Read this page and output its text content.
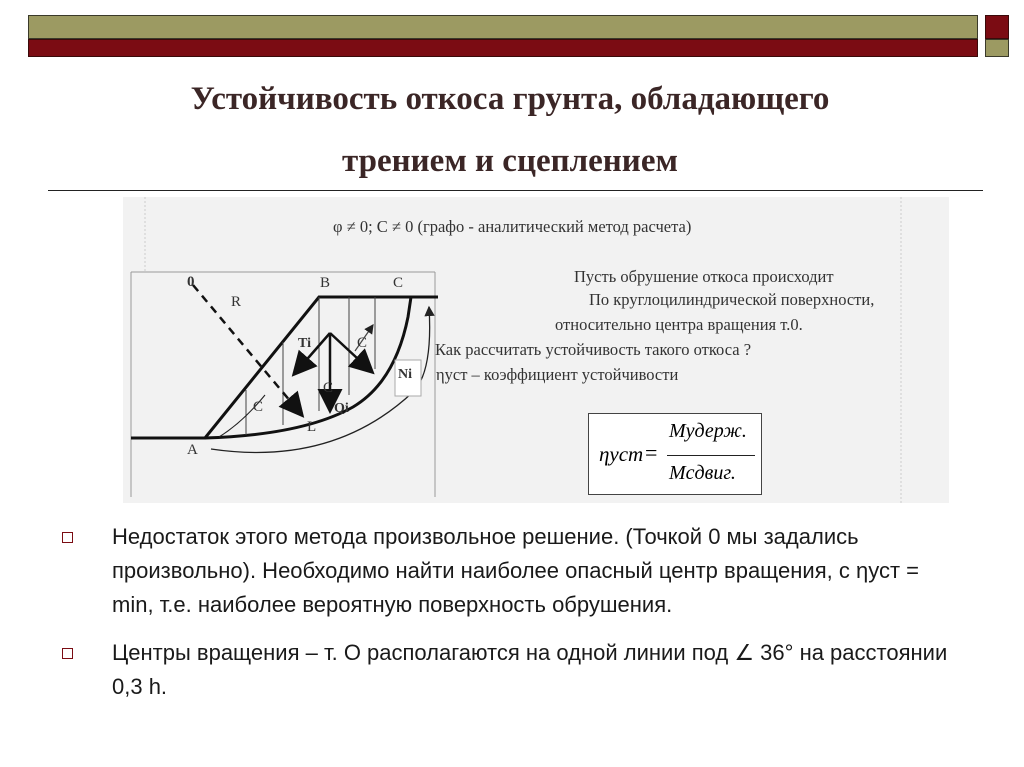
Устойчивость откоса грунта, обладающего
трением и сцеплением
φ ≠ 0; C ≠ 0 (графо - аналитический метод расчета)
Пусть обрушение откоса происходит
По круглоцилиндрической поверхности,
относительно центра вращения т.0.
Как рассчитать устойчивость такого откоса ?
ηуст – коэффициент устойчивости
0
R
B	C
A
L
Ti
Qi
Ni
C
C
C
ηуст =
Mудерж.
Mсдвиг.
Недостаток этого метода произвольное решение. (Точкой 0 мы задались произвольно). Необходимо найти наиболее опасный центр вращения, с ηуст = min, т.е. наиболее вероятную поверхность обрушения.
Центры вращения – т. О располагаются на одной линии под ∠ 36° на расстоянии 0,3 h.
